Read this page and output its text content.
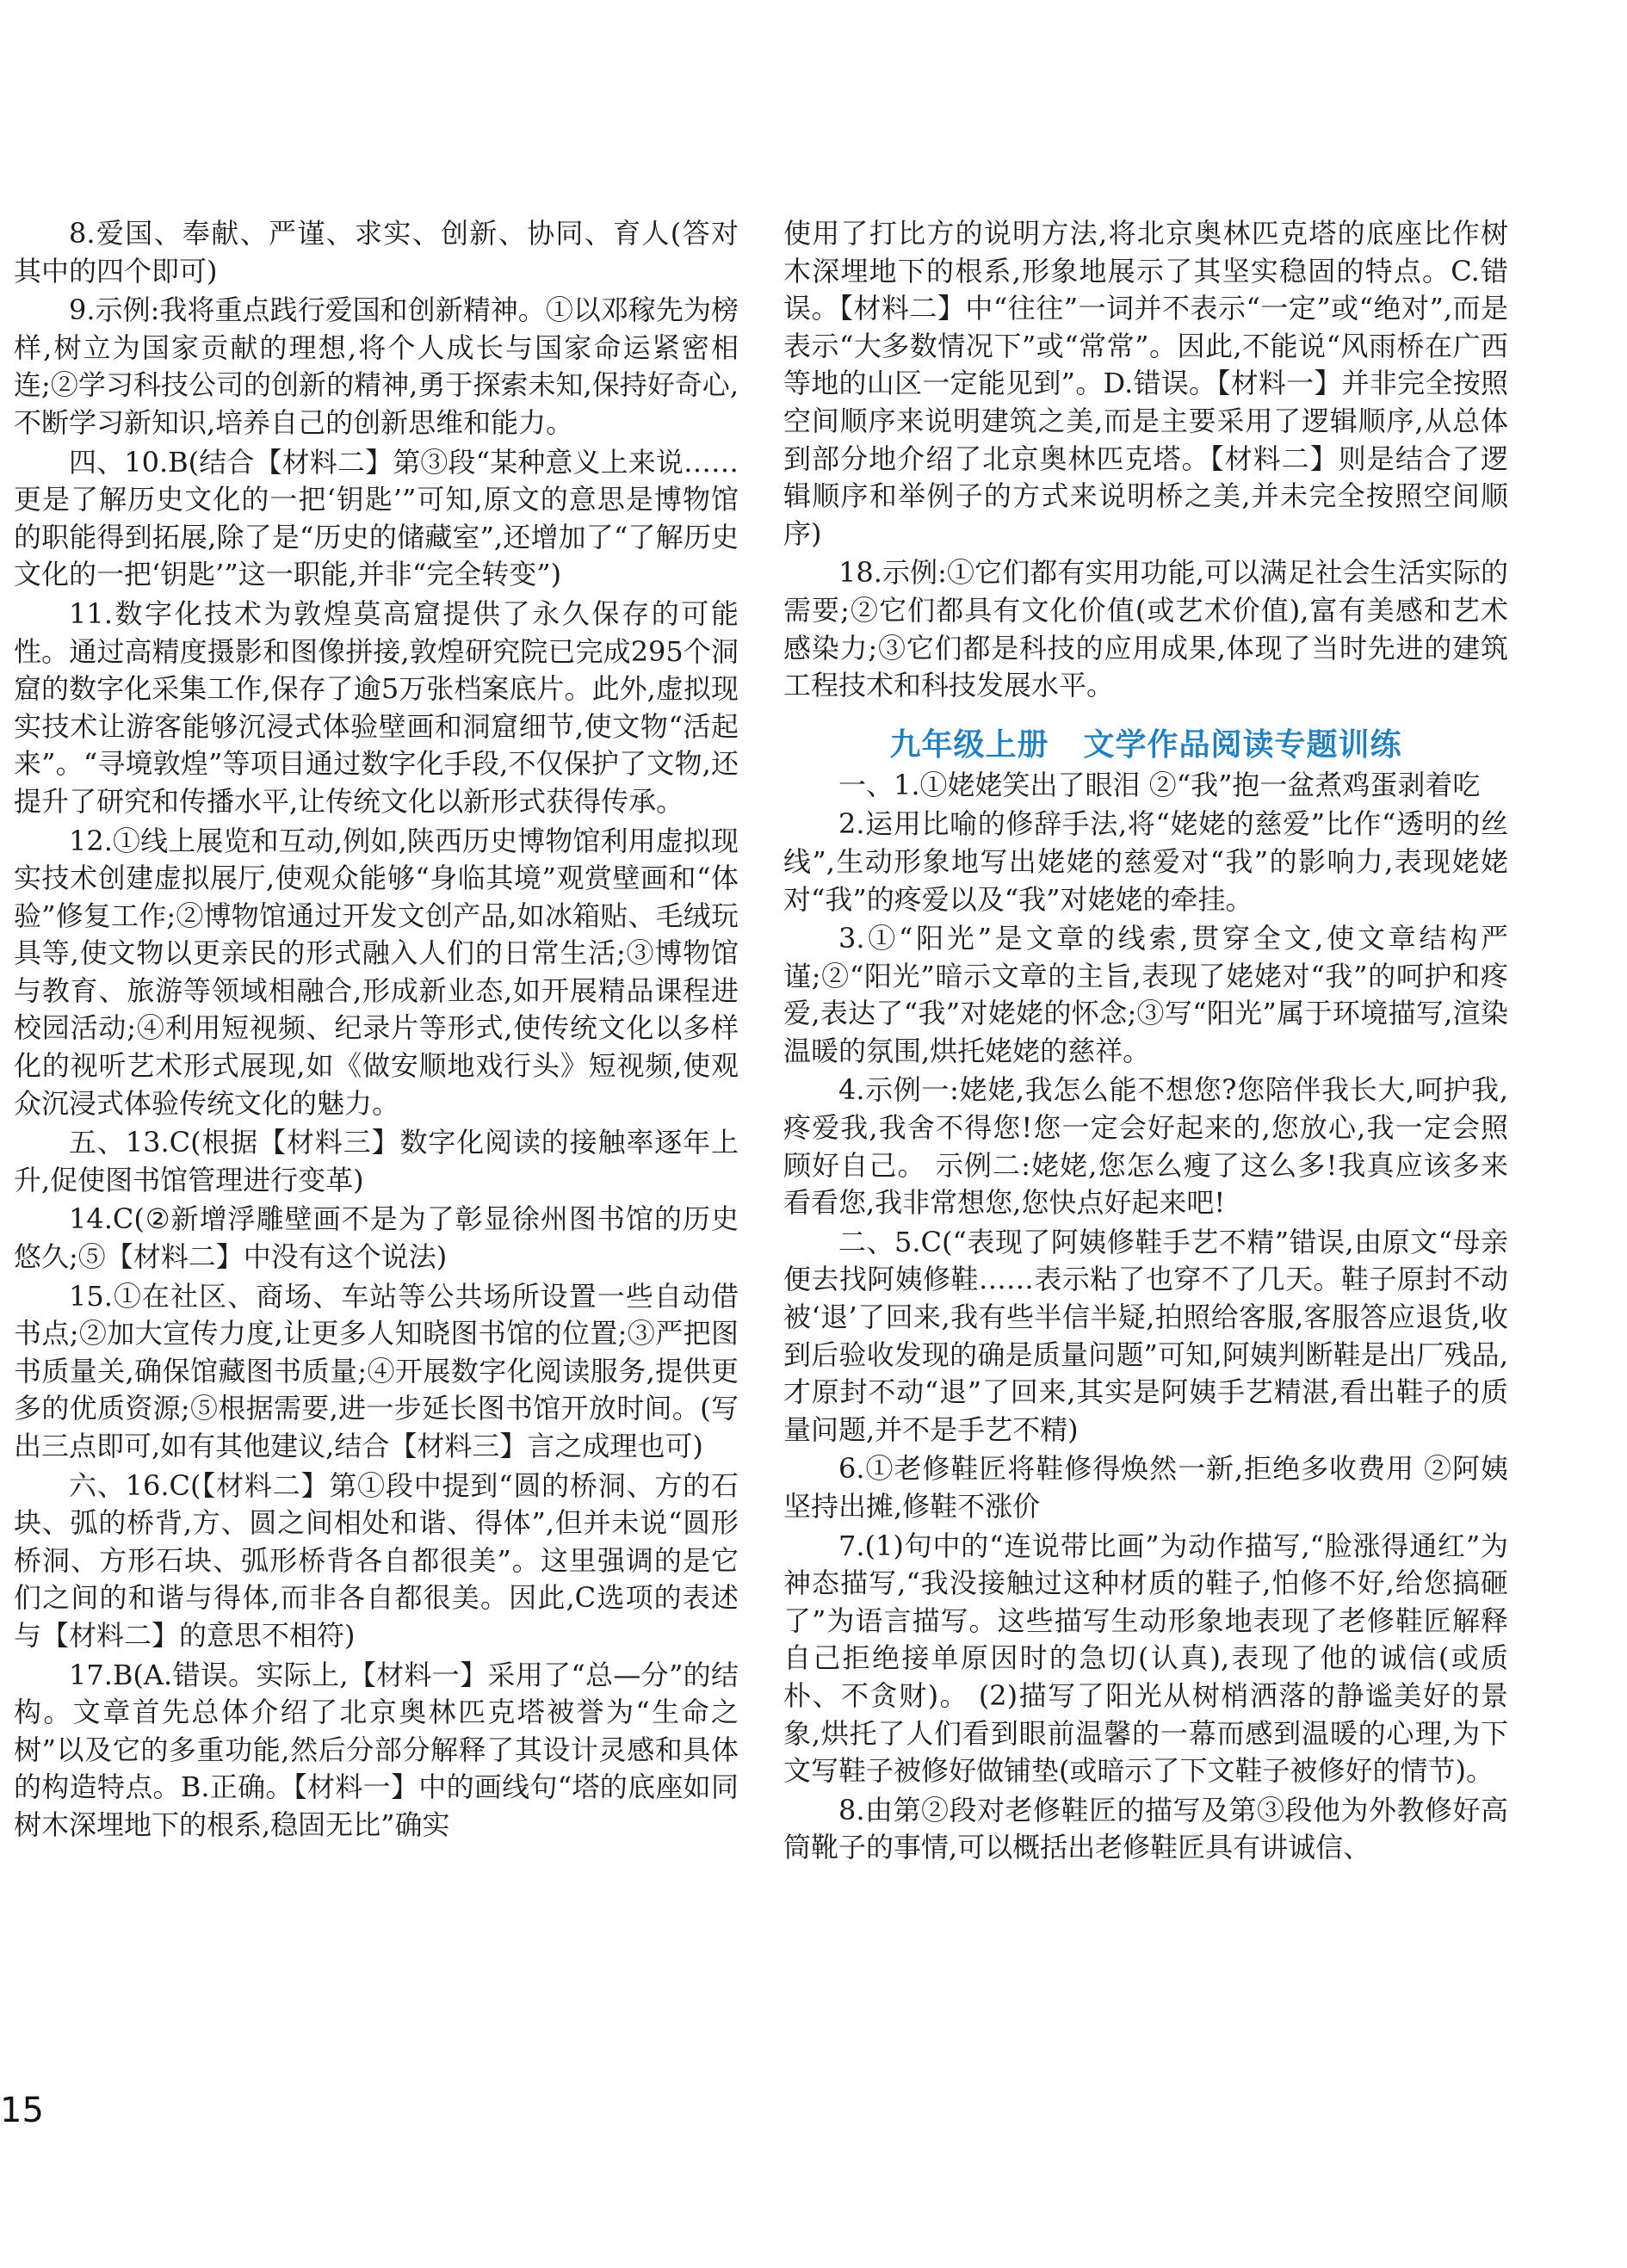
8.爱国、奉献、严谨、求实、创新、协同、育人(答对其中的四个即可)

9.示例:我将重点践行爱国和创新精神。①以邓稼先为榜样,树立为国家贡献的理想,将个人成长与国家命运紧密相连;②学习科技公司的创新的精神,勇于探索未知,保持好奇心,不断学习新知识,培养自己的创新思维和能力。

四、10.B(结合【材料二】第③段“某种意义上来说……更是了解历史文化的一把‘钥匙’”可知,原文的意思是博物馆的职能得到拓展,除了是“历史的储藏室”,还增加了“了解历史文化的一把‘钥匙’”这一职能,并非“完全转变”)

11.数字化技术为敦煌莫高窟提供了永久保存的可能性。通过高精度摄影和图像拼接,敦煌研究院已完成295个洞窟的数字化采集工作,保存了逾5万张档案底片。此外,虚拟现实技术让游客能够沉浸式体验壁画和洞窟细节,使文物“活起来”。“寻境敦煌”等项目通过数字化手段,不仅保护了文物,还提升了研究和传播水平,让传统文化以新形式获得传承。

12.①线上展览和互动,例如,陕西历史博物馆利用虚拟现实技术创建虚拟展厅,使观众能够“身临其境”观赏壁画和“体验”修复工作;②博物馆通过开发文创产品,如冰箱贴、毛绒玩具等,使文物以更亲民的形式融入人们的日常生活;③博物馆与教育、旅游等领域相融合,形成新业态,如开展精品课程进校园活动;④利用短视频、纪录片等形式,使传统文化以多样化的视听艺术形式展现,如《做安顺地戏行头》短视频,使观众沉浸式体验传统文化的魅力。

五、13.C(根据【材料三】数字化阅读的接触率逐年上升,促使图书馆管理进行变革)

14.C(②新增浮雕壁画不是为了彰显徐州图书馆的历史悠久;⑤【材料二】中没有这个说法)

15.①在社区、商场、车站等公共场所设置一些自动借书点;②加大宣传力度,让更多人知晓图书馆的位置;③严把图书质量关,确保馆藏图书质量;④开展数字化阅读服务,提供更多的优质资源;⑤根据需要,进一步延长图书馆开放时间。(写出三点即可,如有其他建议,结合【材料三】言之成理也可)

六、16.C(【材料二】第①段中提到“圆的桥洞、方的石块、弧的桥背,方、圆之间相处和谐、得体”,但并未说“圆形桥洞、方形石块、弧形桥背各自都很美”。这里强调的是它们之间的和谐与得体,而非各自都很美。因此,C选项的表述与【材料二】的意思不相符)

17.B(A.错误。实际上,【材料一】采用了“总—分”的结构。文章首先总体介绍了北京奥林匹克塔被誉为“生命之树”以及它的多重功能,然后分部分解释了其设计灵感和具体的构造特点。B.正确。【材料一】中的画线句“塔的底座如同树木深埋地下的根系,稳固无比”确实

使用了打比方的说明方法,将北京奥林匹克塔的底座比作树木深埋地下的根系,形象地展示了其坚实稳固的特点。C.错误。【材料二】中“往往”一词并不表示“一定”或“绝对”,而是表示“大多数情况下”或“常常”。因此,不能说“风雨桥在广西等地的山区一定能见到”。D.错误。【材料一】并非完全按照空间顺序来说明建筑之美,而是主要采用了逻辑顺序,从总体到部分地介绍了北京奥林匹克塔。【材料二】则是结合了逻辑顺序和举例子的方式来说明桥之美,并未完全按照空间顺序)

18.示例:①它们都有实用功能,可以满足社会生活实际的需要;②它们都具有文化价值(或艺术价值),富有美感和艺术感染力;③它们都是科技的应用成果,体现了当时先进的建筑工程技术和科技发展水平。

九年级上册 文学作品阅读专题训练

一、1.①姥姥笑出了眼泪 ②“我”抱一盆煮鸡蛋剥着吃

2.运用比喻的修辞手法,将“姥姥的慈爱”比作“透明的丝线”,生动形象地写出姥姥的慈爱对“我”的影响力,表现姥姥对“我”的疼爱以及“我”对姥姥的牵挂。

3.①“阳光”是文章的线索,贯穿全文,使文章结构严谨;②“阳光”暗示文章的主旨,表现了姥姥对“我”的呵护和疼爱,表达了“我”对姥姥的怀念;③写“阳光”属于环境描写,渲染温暖的氛围,烘托姥姥的慈祥。

4.示例一:姥姥,我怎么能不想您?您陪伴我长大,呵护我,疼爱我,我舍不得您!您一定会好起来的,您放心,我一定会照顾好自己。 示例二:姥姥,您怎么瘦了这么多!我真应该多来看看您,我非常想您,您快点好起来吧!

二、5.C(“表现了阿姨修鞋手艺不精”错误,由原文“母亲便去找阿姨修鞋……表示粘了也穿不了几天。鞋子原封不动被‘退’了回来,我有些半信半疑,拍照给客服,客服答应退货,收到后验收发现的确是质量问题”可知,阿姨判断鞋是出厂残品,才原封不动“退”了回来,其实是阿姨手艺精湛,看出鞋子的质量问题,并不是手艺不精)

6.①老修鞋匠将鞋修得焕然一新,拒绝多收费用 ②阿姨坚持出摊,修鞋不涨价

7.(1)句中的“连说带比画”为动作描写,“脸涨得通红”为神态描写,“我没接触过这种材质的鞋子,怕修不好,给您搞砸了”为语言描写。这些描写生动形象地表现了老修鞋匠解释自己拒绝接单原因时的急切(认真),表现了他的诚信(或质朴、不贪财)。 (2)描写了阳光从树梢洒落的静谧美好的景象,烘托了人们看到眼前温馨的一幕而感到温暖的心理,为下文写鞋子被修好做铺垫(或暗示了下文鞋子被修好的情节)。

8.由第②段对老修鞋匠的描写及第③段他为外教修好高筒靴子的事情,可以概括出老修鞋匠具有讲诚信、

15
